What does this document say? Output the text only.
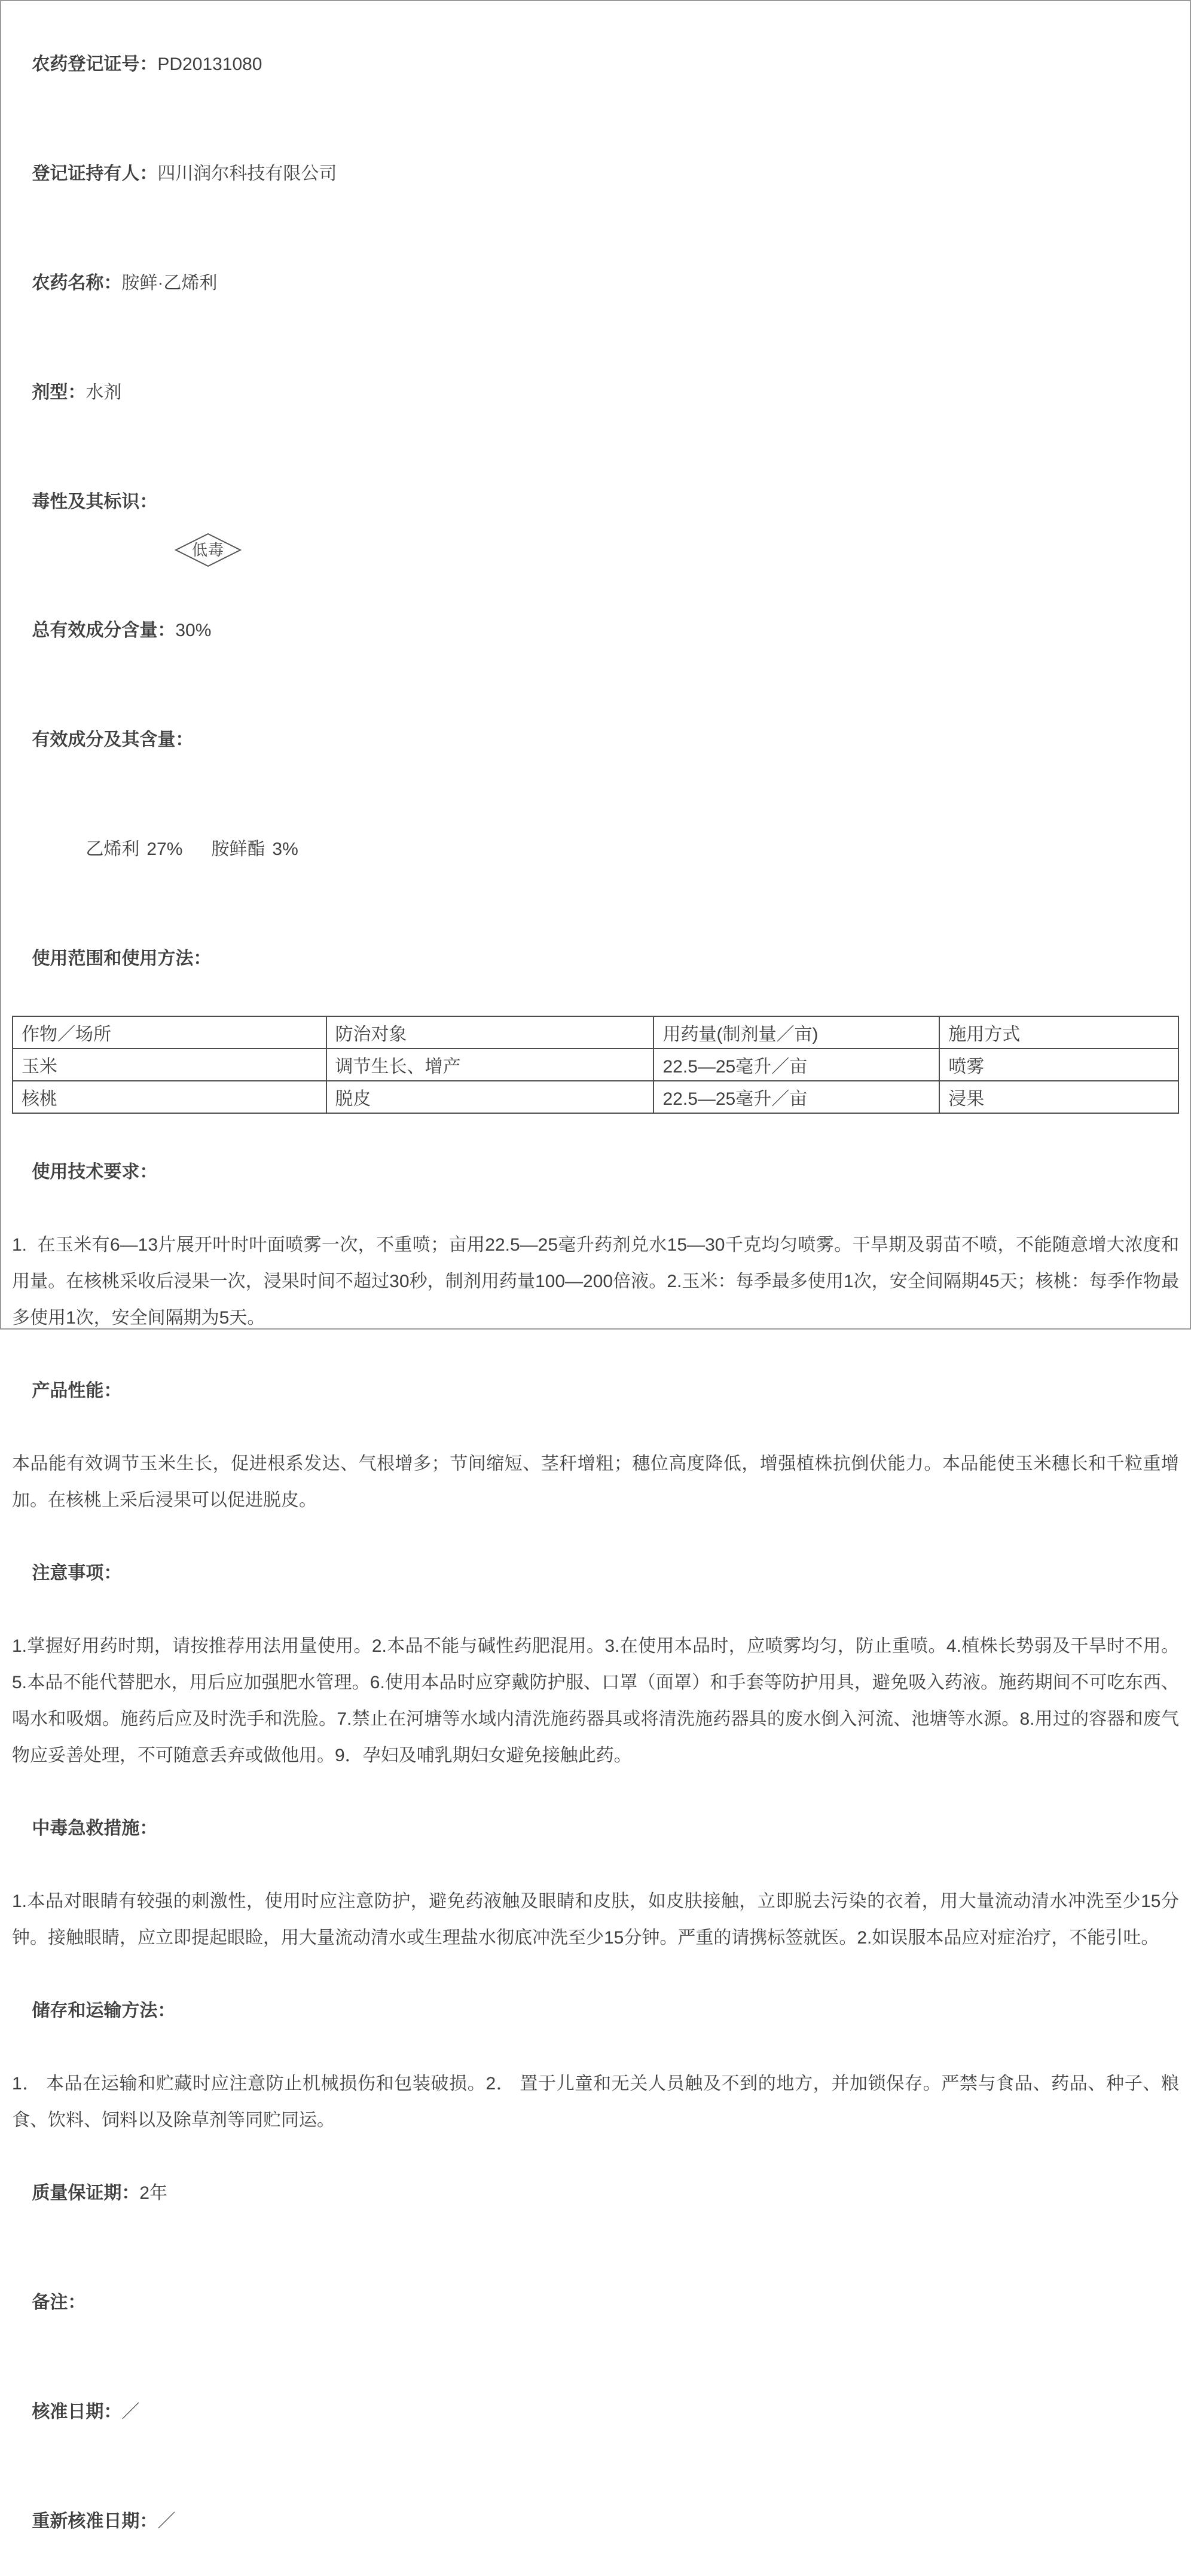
农药登记证号：PD20131080

登记证持有人：四川润尔科技有限公司

农药名称：胺鲜·乙烯利

剂型：水剂

毒性及其标识：

低毒

总有效成分含量：30%

有效成分及其含量：

乙烯利 27% 胺鲜酯 3%

使用范围和使用方法：

作物／场所	防治对象	用药量(制剂量／亩)	施用方式
玉米	调节生长、增产	22.5—25毫升／亩	喷雾
核桃	脱皮	22.5—25毫升／亩	浸果

使用技术要求：

1.  在玉米有6—13片展开叶时叶面喷雾一次，不重喷；亩用22.5—25毫升药剂兑水15—30千克均匀喷雾。干旱期及弱苗不喷，不能随意增大浓度和用量。在核桃采收后浸果一次，浸果时间不超过30秒，制剂用药量100—200倍液。2.玉米：每季最多使用1次，安全间隔期45天；核桃：每季作物最多使用1次，安全间隔期为5天。

产品性能：

本品能有效调节玉米生长，促进根系发达、气根增多；节间缩短、茎秆增粗；穗位高度降低，增强植株抗倒伏能力。本品能使玉米穗长和千粒重增加。在核桃上采后浸果可以促进脱皮。

注意事项：

1.掌握好用药时期，请按推荐用法用量使用。2.本品不能与碱性药肥混用。3.在使用本品时，应喷雾均匀，防止重喷。4.植株长势弱及干旱时不用。5.本品不能代替肥水，用后应加强肥水管理。6.使用本品时应穿戴防护服、口罩（面罩）和手套等防护用具，避免吸入药液。施药期间不可吃东西、喝水和吸烟。施药后应及时洗手和洗脸。7.禁止在河塘等水域内清洗施药器具或将清洗施药器具的废水倒入河流、池塘等水源。8.用过的容器和废气物应妥善处理，不可随意丢弃或做他用。9．孕妇及哺乳期妇女避免接触此药。

中毒急救措施：

1.本品对眼睛有较强的刺激性，使用时应注意防护，避免药液触及眼睛和皮肤，如皮肤接触，立即脱去污染的衣着，用大量流动清水冲洗至少15分钟。接触眼睛，应立即提起眼睑，用大量流动清水或生理盐水彻底冲洗至少15分钟。严重的请携标签就医。2.如误服本品应对症治疗，不能引吐。

储存和运输方法：

1． 本品在运输和贮藏时应注意防止机械损伤和包装破损。2． 置于儿童和无关人员触及不到的地方，并加锁保存。严禁与食品、药品、种子、粮食、饮料、饲料以及除草剂等同贮同运。

质量保证期：2年

备注：

核准日期：／

重新核准日期：／
